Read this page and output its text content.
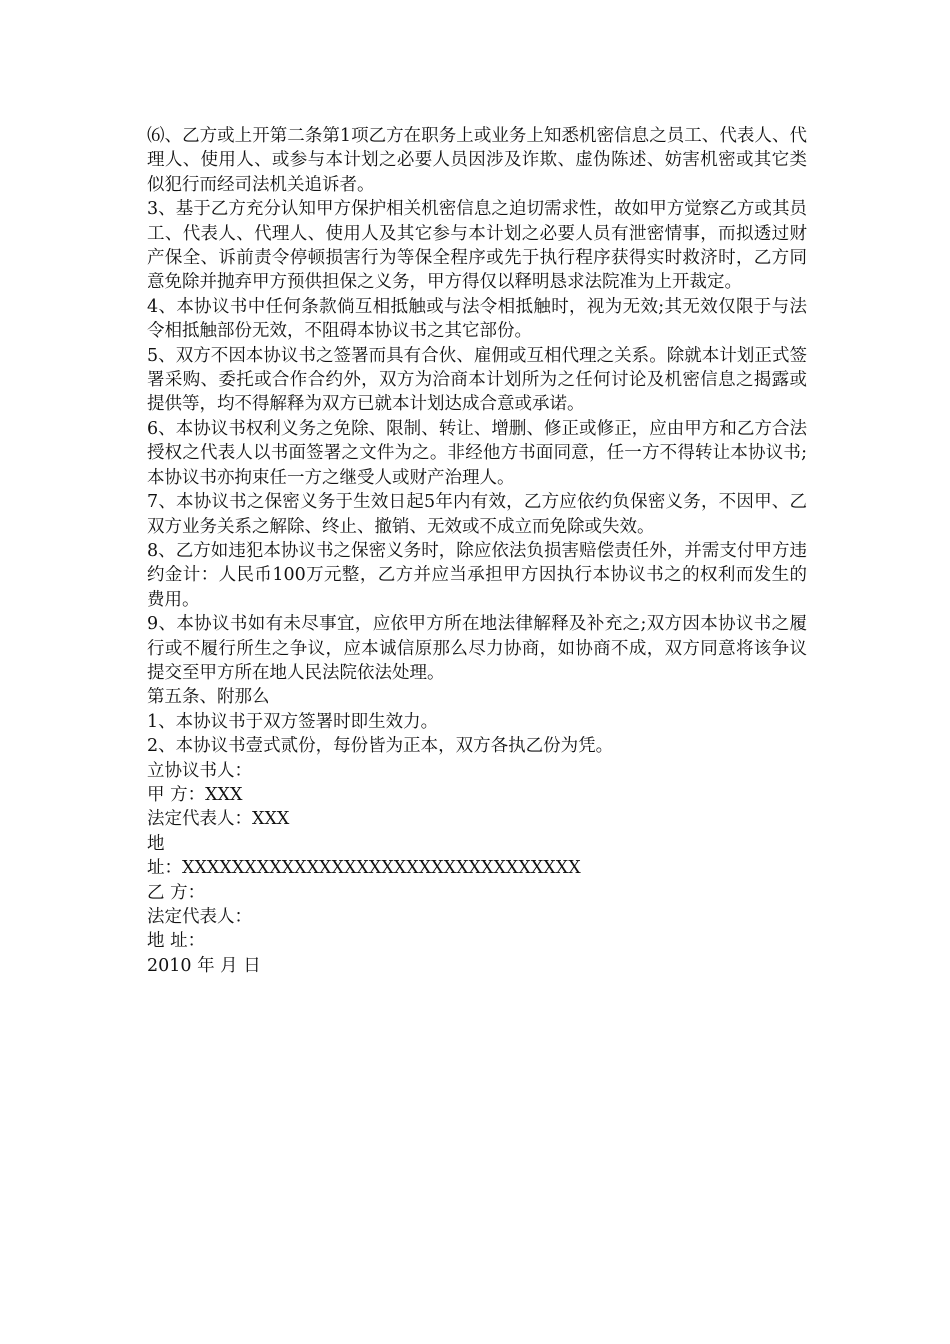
⑹、乙方或上开第二条第1项乙方在职务上或业务上知悉机密信息之员工、代表人、代理人、使用人、或参与本计划之必要人员因涉及诈欺、虚伪陈述、妨害机密或其它类似犯行而经司法机关追诉者。

3、基于乙方充分认知甲方保护相关机密信息之迫切需求性，故如甲方觉察乙方或其员工、代表人、代理人、使用人及其它参与本计划之必要人员有泄密情事，而拟透过财产保全、诉前责令停顿损害行为等保全程序或先于执行程序获得实时救济时，乙方同意免除并抛弃甲方预供担保之义务，甲方得仅以释明恳求法院准为上开裁定。

4、本协议书中任何条款倘互相抵触或与法令相抵触时，视为无效;其无效仅限于与法令相抵触部份无效，不阻碍本协议书之其它部份。

5、双方不因本协议书之签署而具有合伙、雇佣或互相代理之关系。除就本计划正式签署采购、委托或合作合约外，双方为洽商本计划所为之任何讨论及机密信息之揭露或提供等，均不得解释为双方已就本计划达成合意或承诺。

6、本协议书权利义务之免除、限制、转让、增删、修正或修正，应由甲方和乙方合法授权之代表人以书面签署之文件为之。非经他方书面同意，任一方不得转让本协议书;本协议书亦拘束任一方之继受人或财产治理人。

7、本协议书之保密义务于生效日起5年内有效，乙方应依约负保密义务，不因甲、乙双方业务关系之解除、终止、撤销、无效或不成立而免除或失效。

8、乙方如违犯本协议书之保密义务时，除应依法负损害赔偿责任外，并需支付甲方违约金计：人民币100万元整，乙方并应当承担甲方因执行本协议书之的权利而发生的费用。

9、本协议书如有未尽事宜，应依甲方所在地法律解释及补充之;双方因本协议书之履行或不履行所生之争议，应本诚信原那么尽力协商，如协商不成，双方同意将该争议提交至甲方所在地人民法院依法处理。

第五条、附那么

1、本协议书于双方签署时即生效力。

2、本协议书壹式贰份，每份皆为正本，双方各执乙份为凭。

立协议书人：

甲 方：XXX

法定代表人：XXX

地

址：XXXXXXXXXXXXXXXXXXXXXXXXXXXXXXXX

乙 方：

法定代表人：

地 址：

2010 年 月 日
